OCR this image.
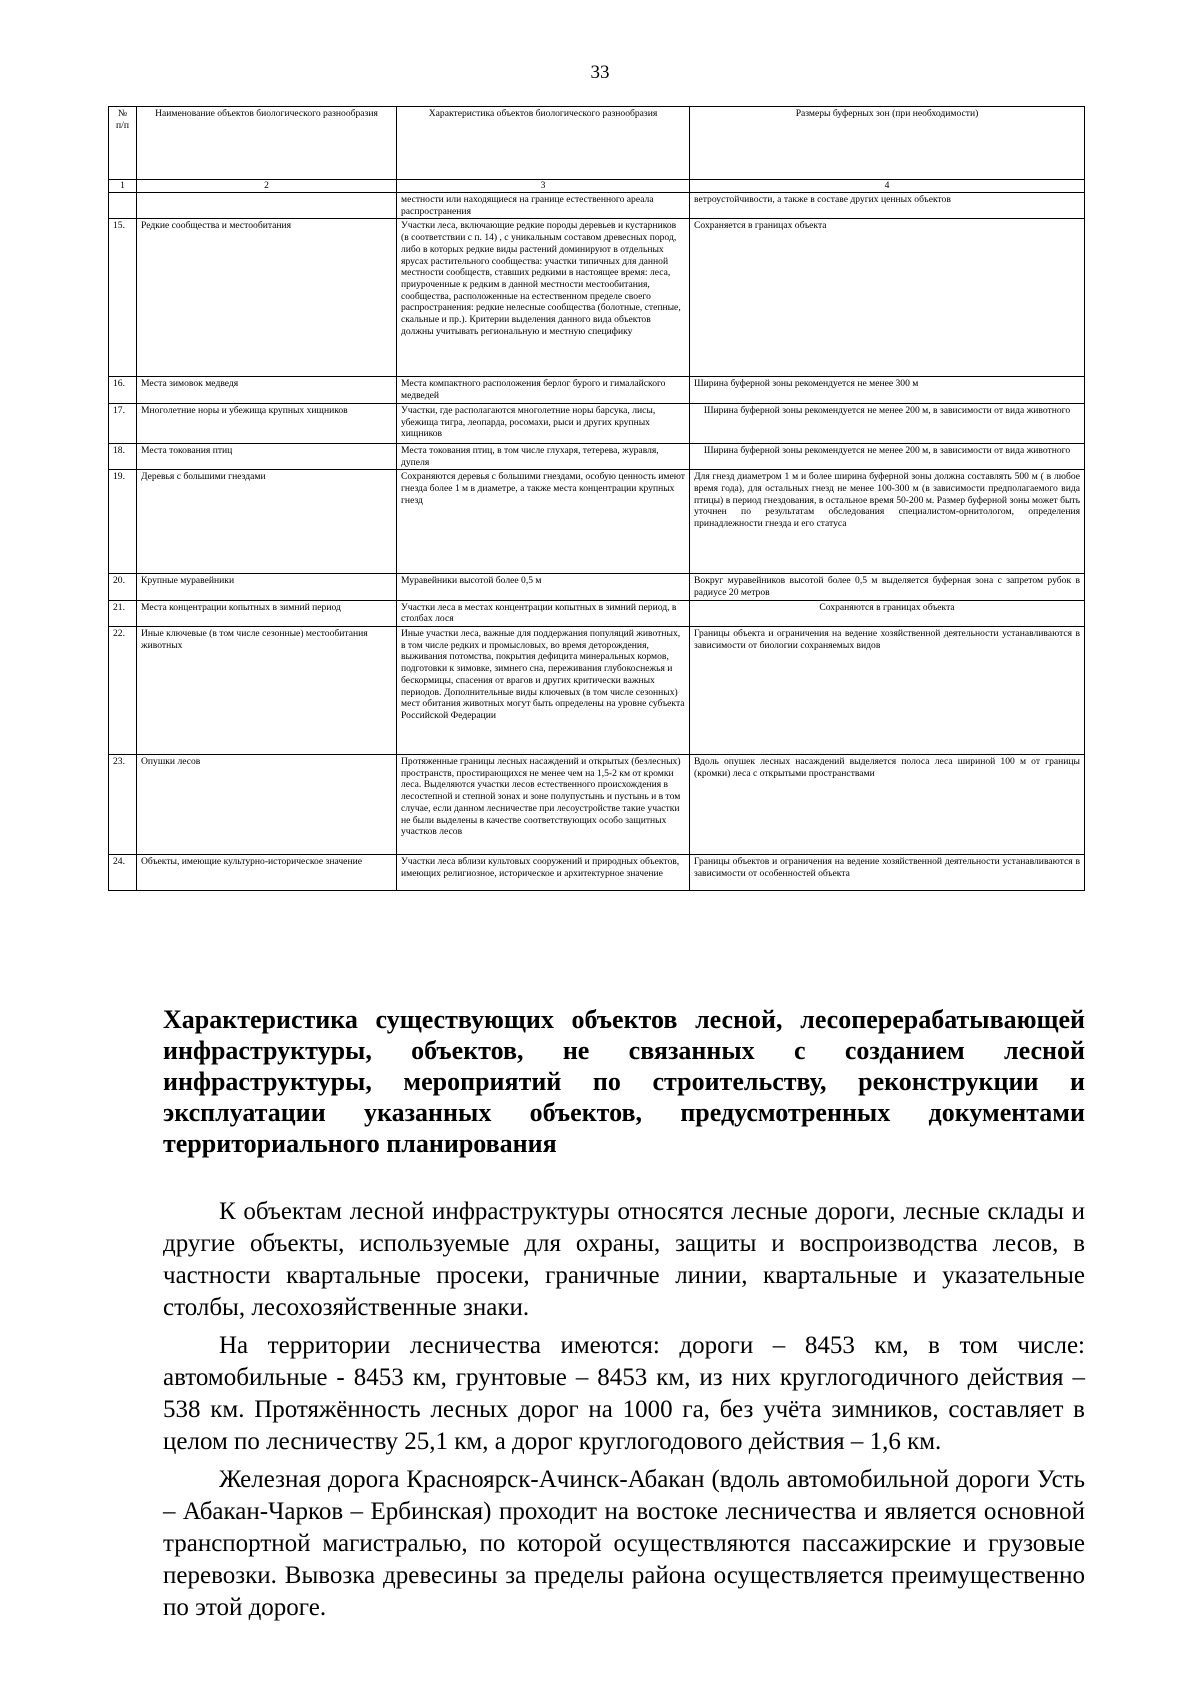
33
№ п/п	Наименование объектов биологического разнообразия	Характеристика объектов биологического разнообразия	Размеры буферных зон (при необходимости)
1	2	3	4
		местности или находящиеся на границе естественного ареала распространения	ветроустойчивости, а также в составе других ценных объектов
15.	Редкие сообщества и местообитания	Участки леса, включающие редкие породы деревьев и кустарников (в соответствии с п. 14) , с уникальным составом древесных пород, либо в которых редкие виды растений доминируют в отдельных ярусах растительного сообщества: участки типичных для данной местности сообществ, ставших редкими в настоящее время: леса, приуроченные к редким в данной местности местообитания, сообщества, расположенные на естественном пределе своего распространения: редкие нелесные сообщества (болотные, степные, скальные и пр.). Критерии выделения данного вида объектов должны учитывать региональную и местную специфику	Сохраняется в границах объекта
16.	Места зимовок медведя	Места компактного расположения берлог бурого и гималайского медведей	Ширина буферной зоны рекомендуется не менее 300 м
17.	Многолетние норы и убежища крупных хищников	Участки, где располагаются многолетние норы барсука, лисы, убежища тигра, леопарда, росомахи, рыси и других крупных хищников	Ширина буферной зоны рекомендуется не менее 200 м, в зависимости от вида животного
18.	Места токования птиц	Места токования птиц, в том числе глухаря, тетерева, журавля, дупеля	Ширина буферной зоны рекомендуется не менее 200 м, в зависимости от вида животного
19.	Деревья с большими гнездами	Сохраняются деревья с большими гнездами, особую ценность имеют гнезда более 1 м в диаметре, а также места концентрации крупных гнезд	Для гнезд диаметром 1 м и более ширина буферной зоны должна составлять 500 м ( в любое время года), для остальных гнезд не менее 100-300 м (в зависимости предполагаемого вида птицы) в период гнездования, в остальное время 50-200 м. Размер буферной зоны может быть уточнен по результатам обследования специалистом-орнитологом, определения принадлежности гнезда и его статуса
20.	Крупные муравейники	Муравейники высотой более 0,5 м	Вокруг муравейников высотой более 0,5 м выделяется буферная зона с запретом рубок в радиусе 20 метров
21.	Места концентрации копытных в зимний период	Участки леса в местах концентрации копытных в зимний период, в столбах лося	Сохраняются в границах объекта
22.	Иные ключевые (в том числе сезонные) местообитания животных	Иные участки леса, важные для поддержания популяций животных, в том числе редких и промысловых, во время деторождения, выживания потомства, покрытия дефицита минеральных кормов, подготовки к зимовке, зимнего сна, переживания глубокоснежья и бескормицы, спасения от врагов и других критически важных периодов. Дополнительные виды ключевых (в том числе сезонных) мест обитания животных могут быть определены на уровне субъекта Российской Федерации	Границы объекта и ограничения на ведение хозяйственной деятельности устанавливаются в зависимости от биологии сохраняемых видов
23.	Опушки лесов	Протяженные границы лесных насаждений и открытых (безлесных) пространств, простирающихся не менее чем на 1,5-2 км от кромки леса. Выделяются участки лесов естественного происхождения в лесостепной и степной зонах и зоне полупустынь и пустынь и в том случае, если данном лесничестве при лесоустройстве такие участки не были выделены в качестве соответствующих особо защитных участков лесов	Вдоль опушек лесных насаждений выделяется полоса леса шириной 100 м от границы (кромки) леса с открытыми пространствами
24.	Объекты, имеющие культурно-историческое значение	Участки леса вблизи культовых сооружений и природных объектов, имеющих религиозное, историческое и архитектурное значение	Границы объектов и ограничения на ведение хозяйственной деятельности устанавливаются в зависимости от особенностей объекта
Характеристика существующих объектов лесной, лесоперерабатывающей инфраструктуры, объектов, не связанных с созданием лесной инфраструктуры, мероприятий по строительству, реконструкции и эксплуатации указанных объектов, предусмотренных документами территориального планирования

К объектам лесной инфраструктуры относятся лесные дороги, лесные склады и другие объекты, используемые для охраны, защиты и воспроизводства лесов, в частности квартальные просеки, граничные линии, квартальные и указательные столбы, лесохозяйственные знаки.

На территории лесничества имеются: дороги – 8453 км, в том числе: автомобильные - 8453 км, грунтовые – 8453 км, из них круглогодичного действия – 538 км. Протяжённость лесных дорог на 1000 га, без учёта зимников, составляет в целом по лесничеству 25,1 км, а дорог круглогодового действия – 1,6 км.

Железная дорога Красноярск-Ачинск-Абакан (вдоль автомобильной дороги Усть – Абакан-Чарков – Ербинская) проходит на востоке лесничества и является основной транспортной магистралью, по которой осуществляются пассажирские и грузовые перевозки. Вывозка древесины за пределы района осуществляется преимущественно по этой дороге.
